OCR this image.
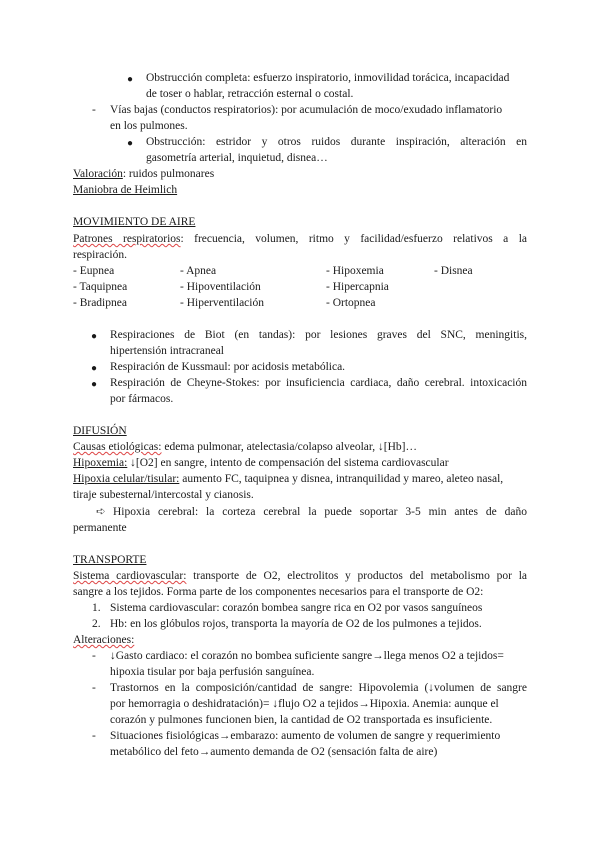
● Obstrucción completa: esfuerzo inspiratorio, inmovilidad torácica, incapacidad
de toser o hablar, retracción esternal o costal.
- Vías bajas (conductos respiratorios): por acumulación de moco/exudado inflamatorio
en los pulmones.
● Obstrucción: estridor y otros ruidos durante inspiración, alteración en
gasometría arterial, inquietud, disnea…
Valoración: ruidos pulmonares
Maniobra de Heimlich
MOVIMIENTO DE AIRE
Patrones respiratorios: frecuencia, volumen, ritmo y facilidad/esfuerzo relativos a la
respiración.
- Eupnea	- Apnea	- Hipoxemia	- Disnea
- Taquipnea	- Hipoventilación	- Hipercapnia
- Bradipnea	- Hiperventilación	- Ortopnea
● Respiraciones de Biot (en tandas): por lesiones graves del SNC, meningitis,
hipertensión intracraneal
● Respiración de Kussmaul: por acidosis metabólica.
● Respiración de Cheyne-Stokes: por insuficiencia cardiaca, daño cerebral. intoxicación
por fármacos.
DIFUSIÓN
Causas etiológicas: edema pulmonar, atelectasia/colapso alveolar, ↓[Hb]…
Hipoxemia: ↓[O2] en sangre, intento de compensación del sistema cardiovascular
Hipoxia celular/tisular: aumento FC, taquipnea y disnea, intranquilidad y mareo, aleteo nasal,
tiraje subesternal/intercostal y cianosis.
➪ Hipoxia cerebral: la corteza cerebral la puede soportar 3-5 min antes de daño
permanente
TRANSPORTE
Sistema cardiovascular: transporte de O2, electrolitos y productos del metabolismo por la
sangre a los tejidos. Forma parte de los componentes necesarios para el transporte de O2:
1. Sistema cardiovascular: corazón bombea sangre rica en O2 por vasos sanguíneos
2. Hb: en los glóbulos rojos, transporta la mayoría de O2 de los pulmones a tejidos.
Alteraciones:
- ↓Gasto cardiaco: el corazón no bombea suficiente sangre→llega menos O2 a tejidos=
hipoxia tisular por baja perfusión sanguínea.
- Trastornos en la composición/cantidad de sangre: Hipovolemia (↓volumen de sangre
por hemorragia o deshidratación)= ↓flujo O2 a tejidos→Hipoxia. Anemia: aunque el
corazón y pulmones funcionen bien, la cantidad de O2 transportada es insuficiente.
- Situaciones fisiológicas→embarazo: aumento de volumen de sangre y requerimiento
metabólico del feto→aumento demanda de O2 (sensación falta de aire)
